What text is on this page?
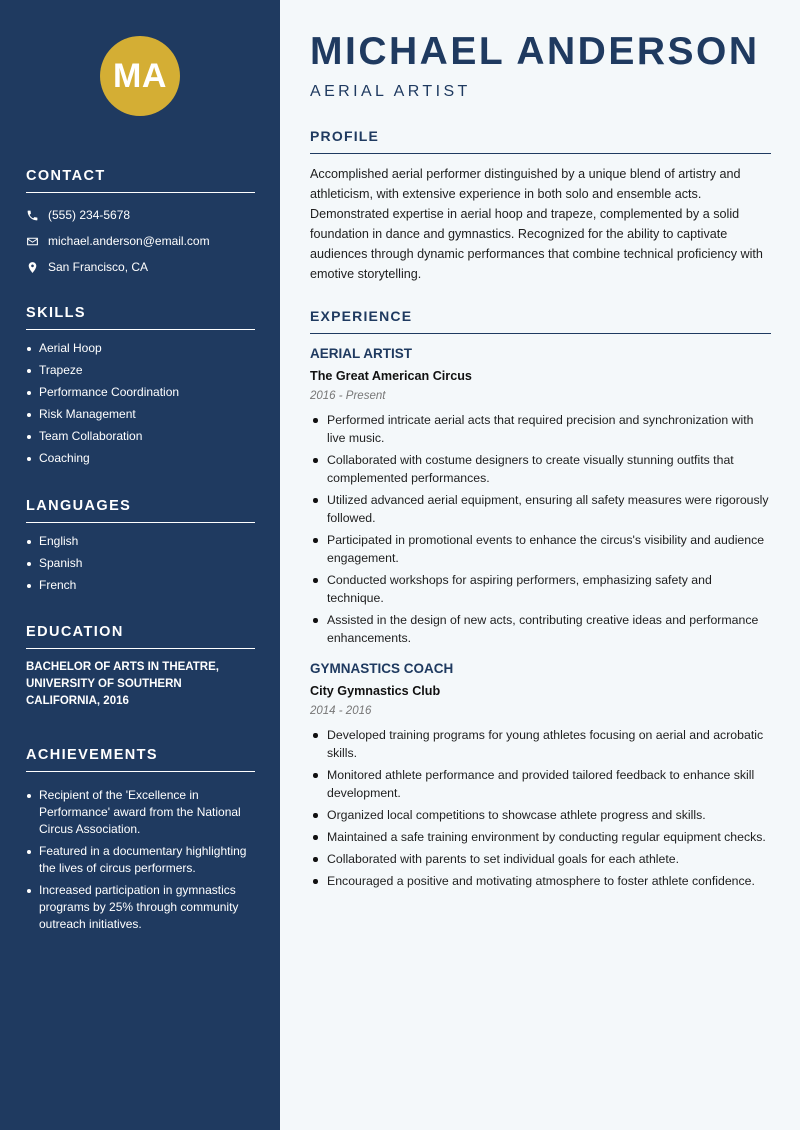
MA
CONTACT
(555) 234-5678
michael.anderson@email.com
San Francisco, CA
SKILLS
Aerial Hoop
Trapeze
Performance Coordination
Risk Management
Team Collaboration
Coaching
LANGUAGES
English
Spanish
French
EDUCATION
BACHELOR OF ARTS IN THEATRE, UNIVERSITY OF SOUTHERN CALIFORNIA, 2016
ACHIEVEMENTS
Recipient of the 'Excellence in Performance' award from the National Circus Association.
Featured in a documentary highlighting the lives of circus performers.
Increased participation in gymnastics programs by 25% through community outreach initiatives.
MICHAEL ANDERSON
AERIAL ARTIST
PROFILE

Accomplished aerial performer distinguished by a unique blend of artistry and athleticism, with extensive experience in both solo and ensemble acts. Demonstrated expertise in aerial hoop and trapeze, complemented by a solid foundation in dance and gymnastics. Recognized for the ability to captivate audiences through dynamic performances that combine technical proficiency with emotive storytelling.

EXPERIENCE
AERIAL ARTIST
The Great American Circus
2016 - Present
Performed intricate aerial acts that required precision and synchronization with live music.
Collaborated with costume designers to create visually stunning outfits that complemented performances.
Utilized advanced aerial equipment, ensuring all safety measures were rigorously followed.
Participated in promotional events to enhance the circus's visibility and audience engagement.
Conducted workshops for aspiring performers, emphasizing safety and technique.
Assisted in the design of new acts, contributing creative ideas and performance enhancements.
GYMNASTICS COACH
City Gymnastics Club
2014 - 2016
Developed training programs for young athletes focusing on aerial and acrobatic skills.
Monitored athlete performance and provided tailored feedback to enhance skill development.
Organized local competitions to showcase athlete progress and skills.
Maintained a safe training environment by conducting regular equipment checks.
Collaborated with parents to set individual goals for each athlete.
Encouraged a positive and motivating atmosphere to foster athlete confidence.
